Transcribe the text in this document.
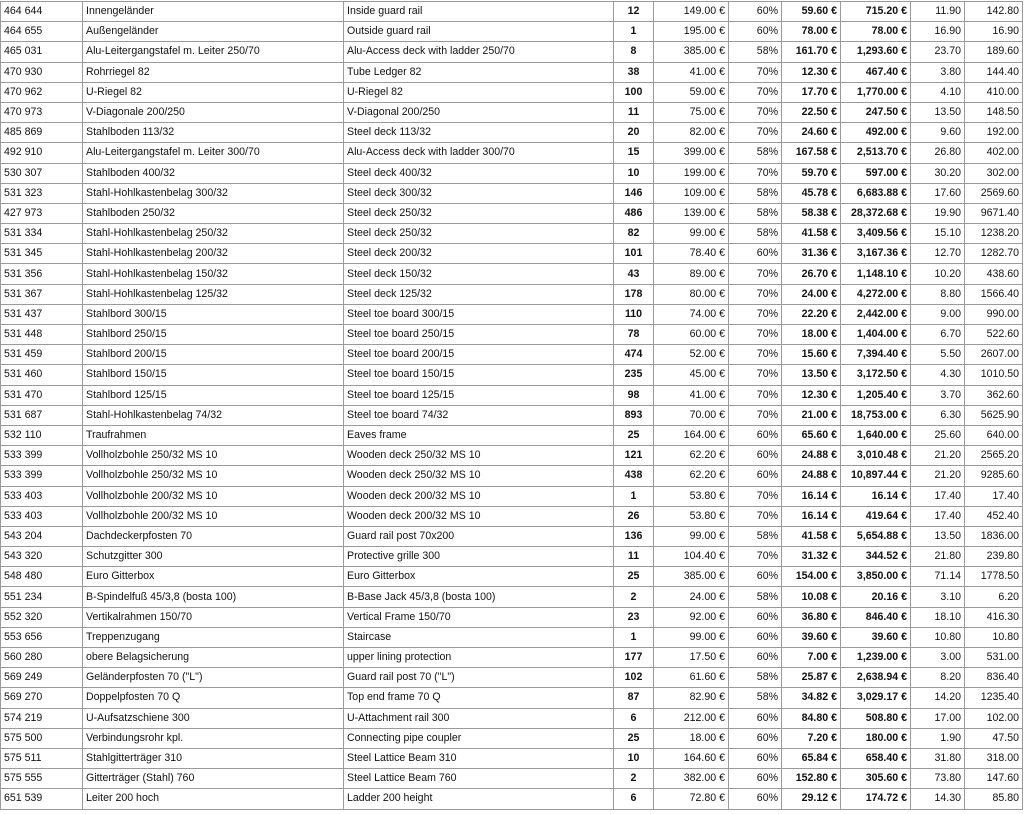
464 644	Innengeländer	Inside guard rail	12	149.00 €	60%	59.60 €	715.20 €	11.90	142.80
464 655	Außengeländer	Outside guard rail	1	195.00 €	60%	78.00 €	78.00 €	16.90	16.90
465 031	Alu-Leitergangstafel m. Leiter 250/70	Alu-Access deck with ladder 250/70	8	385.00 €	58%	161.70 €	1,293.60 €	23.70	189.60
470 930	Rohrriegel 82	Tube Ledger 82	38	41.00 €	70%	12.30 €	467.40 €	3.80	144.40
470 962	U-Riegel 82	U-Riegel 82	100	59.00 €	70%	17.70 €	1,770.00 €	4.10	410.00
470 973	V-Diagonale 200/250	V-Diagonal 200/250	11	75.00 €	70%	22.50 €	247.50 €	13.50	148.50
485 869	Stahlboden 113/32	Steel deck 113/32	20	82.00 €	70%	24.60 €	492.00 €	9.60	192.00
492 910	Alu-Leitergangstafel m. Leiter 300/70	Alu-Access deck with ladder 300/70	15	399.00 €	58%	167.58 €	2,513.70 €	26.80	402.00
530 307	Stahlboden 400/32	Steel deck 400/32	10	199.00 €	70%	59.70 €	597.00 €	30.20	302.00
531 323	Stahl-Hohlkastenbelag 300/32	Steel deck 300/32	146	109.00 €	58%	45.78 €	6,683.88 €	17.60	2569.60
427 973	Stahlboden 250/32	Steel deck 250/32	486	139.00 €	58%	58.38 €	28,372.68 €	19.90	9671.40
531 334	Stahl-Hohlkastenbelag 250/32	Steel deck 250/32	82	99.00 €	58%	41.58 €	3,409.56 €	15.10	1238.20
531 345	Stahl-Hohlkastenbelag 200/32	Steel deck 200/32	101	78.40 €	60%	31.36 €	3,167.36 €	12.70	1282.70
531 356	Stahl-Hohlkastenbelag 150/32	Steel deck 150/32	43	89.00 €	70%	26.70 €	1,148.10 €	10.20	438.60
531 367	Stahl-Hohlkastenbelag 125/32	Steel deck 125/32	178	80.00 €	70%	24.00 €	4,272.00 €	8.80	1566.40
531 437	Stahlbord 300/15	Steel toe board 300/15	110	74.00 €	70%	22.20 €	2,442.00 €	9.00	990.00
531 448	Stahlbord 250/15	Steel toe board 250/15	78	60.00 €	70%	18.00 €	1,404.00 €	6.70	522.60
531 459	Stahlbord 200/15	Steel toe board 200/15	474	52.00 €	70%	15.60 €	7,394.40 €	5.50	2607.00
531 460	Stahlbord 150/15	Steel toe board 150/15	235	45.00 €	70%	13.50 €	3,172.50 €	4.30	1010.50
531 470	Stahlbord 125/15	Steel toe board 125/15	98	41.00 €	70%	12.30 €	1,205.40 €	3.70	362.60
531 687	Stahl-Hohlkastenbelag 74/32	Steel toe board 74/32	893	70.00 €	70%	21.00 €	18,753.00 €	6.30	5625.90
532 110	Traufrahmen	Eaves frame	25	164.00 €	60%	65.60 €	1,640.00 €	25.60	640.00
533 399	Vollholzbohle 250/32 MS 10	Wooden deck 250/32 MS 10	121	62.20 €	60%	24.88 €	3,010.48 €	21.20	2565.20
533 399	Vollholzbohle 250/32 MS 10	Wooden deck 250/32 MS 10	438	62.20 €	60%	24.88 €	10,897.44 €	21.20	9285.60
533 403	Vollholzbohle 200/32 MS 10	Wooden deck 200/32 MS 10	1	53.80 €	70%	16.14 €	16.14 €	17.40	17.40
533 403	Vollholzbohle 200/32 MS 10	Wooden deck 200/32 MS 10	26	53.80 €	70%	16.14 €	419.64 €	17.40	452.40
543 204	Dachdeckerpfosten 70	Guard rail post 70x200	136	99.00 €	58%	41.58 €	5,654.88 €	13.50	1836.00
543 320	Schutzgitter 300	Protective grille 300	11	104.40 €	70%	31.32 €	344.52 €	21.80	239.80
548 480	Euro Gitterbox	Euro Gitterbox	25	385.00 €	60%	154.00 €	3,850.00 €	71.14	1778.50
551 234	B-Spindelfuß 45/3,8 (bosta 100)	B-Base Jack 45/3,8 (bosta 100)	2	24.00 €	58%	10.08 €	20.16 €	3.10	6.20
552 320	Vertikalrahmen 150/70	Vertical Frame 150/70	23	92.00 €	60%	36.80 €	846.40 €	18.10	416.30
553 656	Treppenzugang	Staircase	1	99.00 €	60%	39.60 €	39.60 €	10.80	10.80
560 280	obere Belagsicherung	upper lining protection	177	17.50 €	60%	7.00 €	1,239.00 €	3.00	531.00
569 249	Geländerpfosten 70 ("L")	Guard rail post 70 ("L")	102	61.60 €	58%	25.87 €	2,638.94 €	8.20	836.40
569 270	Doppelpfosten 70 Q	Top end frame 70 Q	87	82.90 €	58%	34.82 €	3,029.17 €	14.20	1235.40
574 219	U-Aufsatzschiene 300	U-Attachment rail 300	6	212.00 €	60%	84.80 €	508.80 €	17.00	102.00
575 500	Verbindungsrohr kpl.	Connecting pipe coupler	25	18.00 €	60%	7.20 €	180.00 €	1.90	47.50
575 511	Stahlgitterträger 310	Steel Lattice Beam 310	10	164.60 €	60%	65.84 €	658.40 €	31.80	318.00
575 555	Gitterträger (Stahl) 760	Steel Lattice Beam 760	2	382.00 €	60%	152.80 €	305.60 €	73.80	147.60
651 539	Leiter 200 hoch	Ladder 200 height	6	72.80 €	60%	29.12 €	174.72 €	14.30	85.80
